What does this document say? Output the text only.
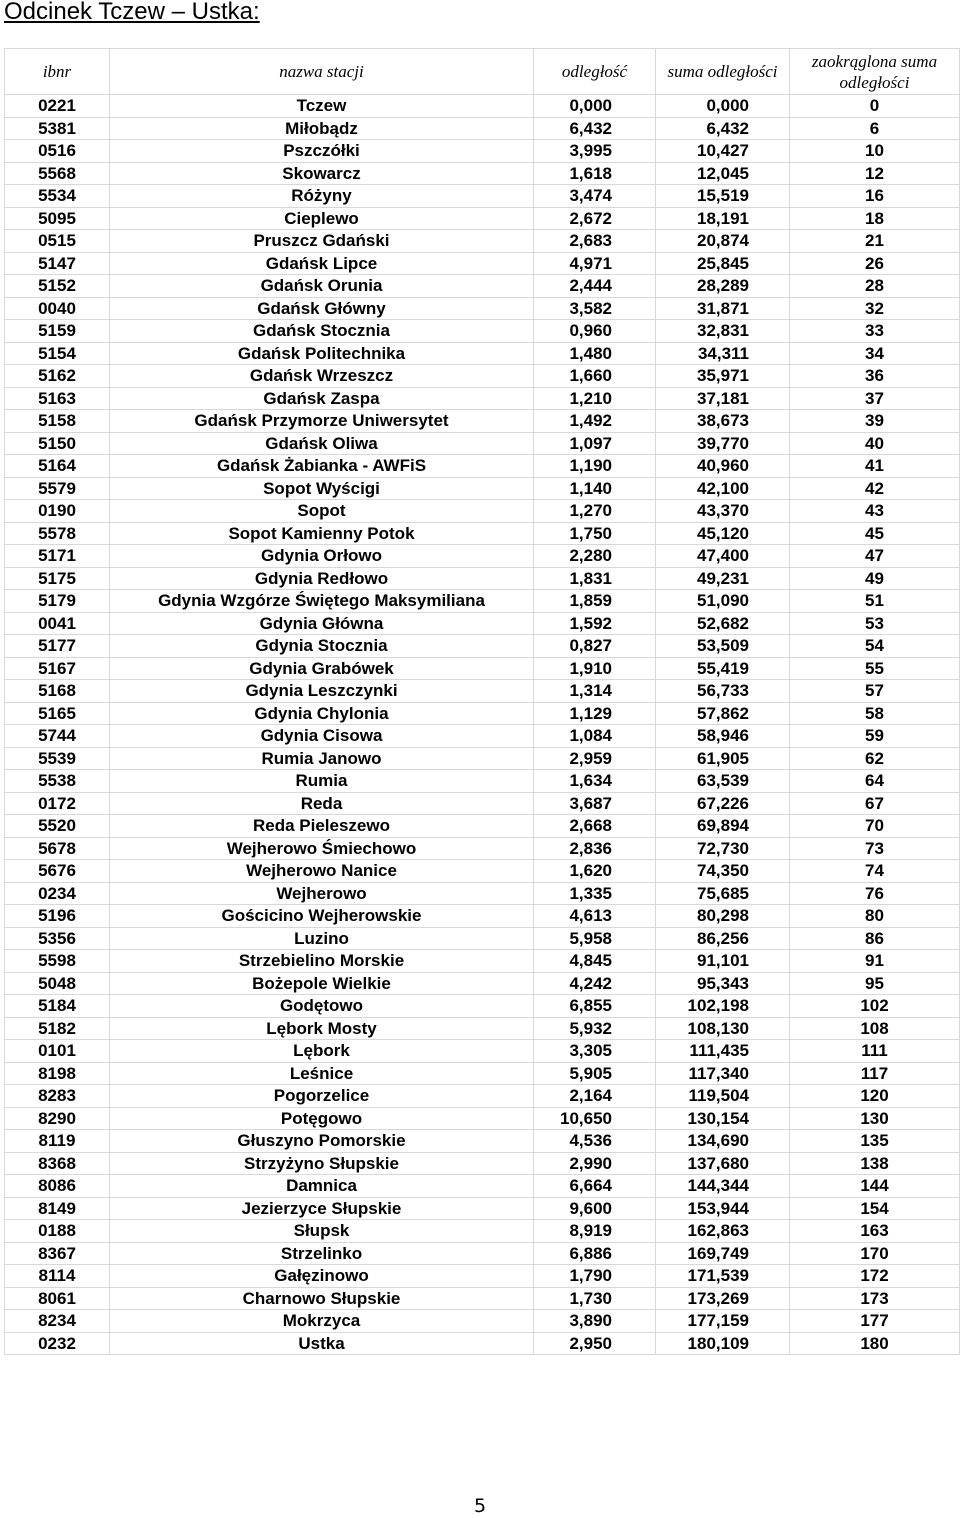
Odcinek Tczew – Ustka:
ibnr	nazwa stacji	odległość	suma odległości	zaokrąglona suma odległości
0221	Tczew	0,000	0,000	0
5381	Miłobądz	6,432	6,432	6
0516	Pszczółki	3,995	10,427	10
5568	Skowarcz	1,618	12,045	12
5534	Różyny	3,474	15,519	16
5095	Cieplewo	2,672	18,191	18
0515	Pruszcz Gdański	2,683	20,874	21
5147	Gdańsk Lipce	4,971	25,845	26
5152	Gdańsk Orunia	2,444	28,289	28
0040	Gdańsk Główny	3,582	31,871	32
5159	Gdańsk Stocznia	0,960	32,831	33
5154	Gdańsk Politechnika	1,480	34,311	34
5162	Gdańsk Wrzeszcz	1,660	35,971	36
5163	Gdańsk Zaspa	1,210	37,181	37
5158	Gdańsk Przymorze Uniwersytet	1,492	38,673	39
5150	Gdańsk Oliwa	1,097	39,770	40
5164	Gdańsk Żabianka - AWFiS	1,190	40,960	41
5579	Sopot Wyścigi	1,140	42,100	42
0190	Sopot	1,270	43,370	43
5578	Sopot Kamienny Potok	1,750	45,120	45
5171	Gdynia Orłowo	2,280	47,400	47
5175	Gdynia Redłowo	1,831	49,231	49
5179	Gdynia Wzgórze Świętego Maksymiliana	1,859	51,090	51
0041	Gdynia Główna	1,592	52,682	53
5177	Gdynia Stocznia	0,827	53,509	54
5167	Gdynia Grabówek	1,910	55,419	55
5168	Gdynia Leszczynki	1,314	56,733	57
5165	Gdynia Chylonia	1,129	57,862	58
5744	Gdynia Cisowa	1,084	58,946	59
5539	Rumia Janowo	2,959	61,905	62
5538	Rumia	1,634	63,539	64
0172	Reda	3,687	67,226	67
5520	Reda Pieleszewo	2,668	69,894	70
5678	Wejherowo Śmiechowo	2,836	72,730	73
5676	Wejherowo Nanice	1,620	74,350	74
0234	Wejherowo	1,335	75,685	76
5196	Gościcino Wejherowskie	4,613	80,298	80
5356	Luzino	5,958	86,256	86
5598	Strzebielino Morskie	4,845	91,101	91
5048	Bożepole Wielkie	4,242	95,343	95
5184	Godętowo	6,855	102,198	102
5182	Lębork Mosty	5,932	108,130	108
0101	Lębork	3,305	111,435	111
8198	Leśnice	5,905	117,340	117
8283	Pogorzelice	2,164	119,504	120
8290	Potęgowo	10,650	130,154	130
8119	Głuszyno Pomorskie	4,536	134,690	135
8368	Strzyżyno Słupskie	2,990	137,680	138
8086	Damnica	6,664	144,344	144
8149	Jezierzyce Słupskie	9,600	153,944	154
0188	Słupsk	8,919	162,863	163
8367	Strzelinko	6,886	169,749	170
8114	Gałęzinowo	1,790	171,539	172
8061	Charnowo Słupskie	1,730	173,269	173
8234	Mokrzyca	3,890	177,159	177
0232	Ustka	2,950	180,109	180
5
